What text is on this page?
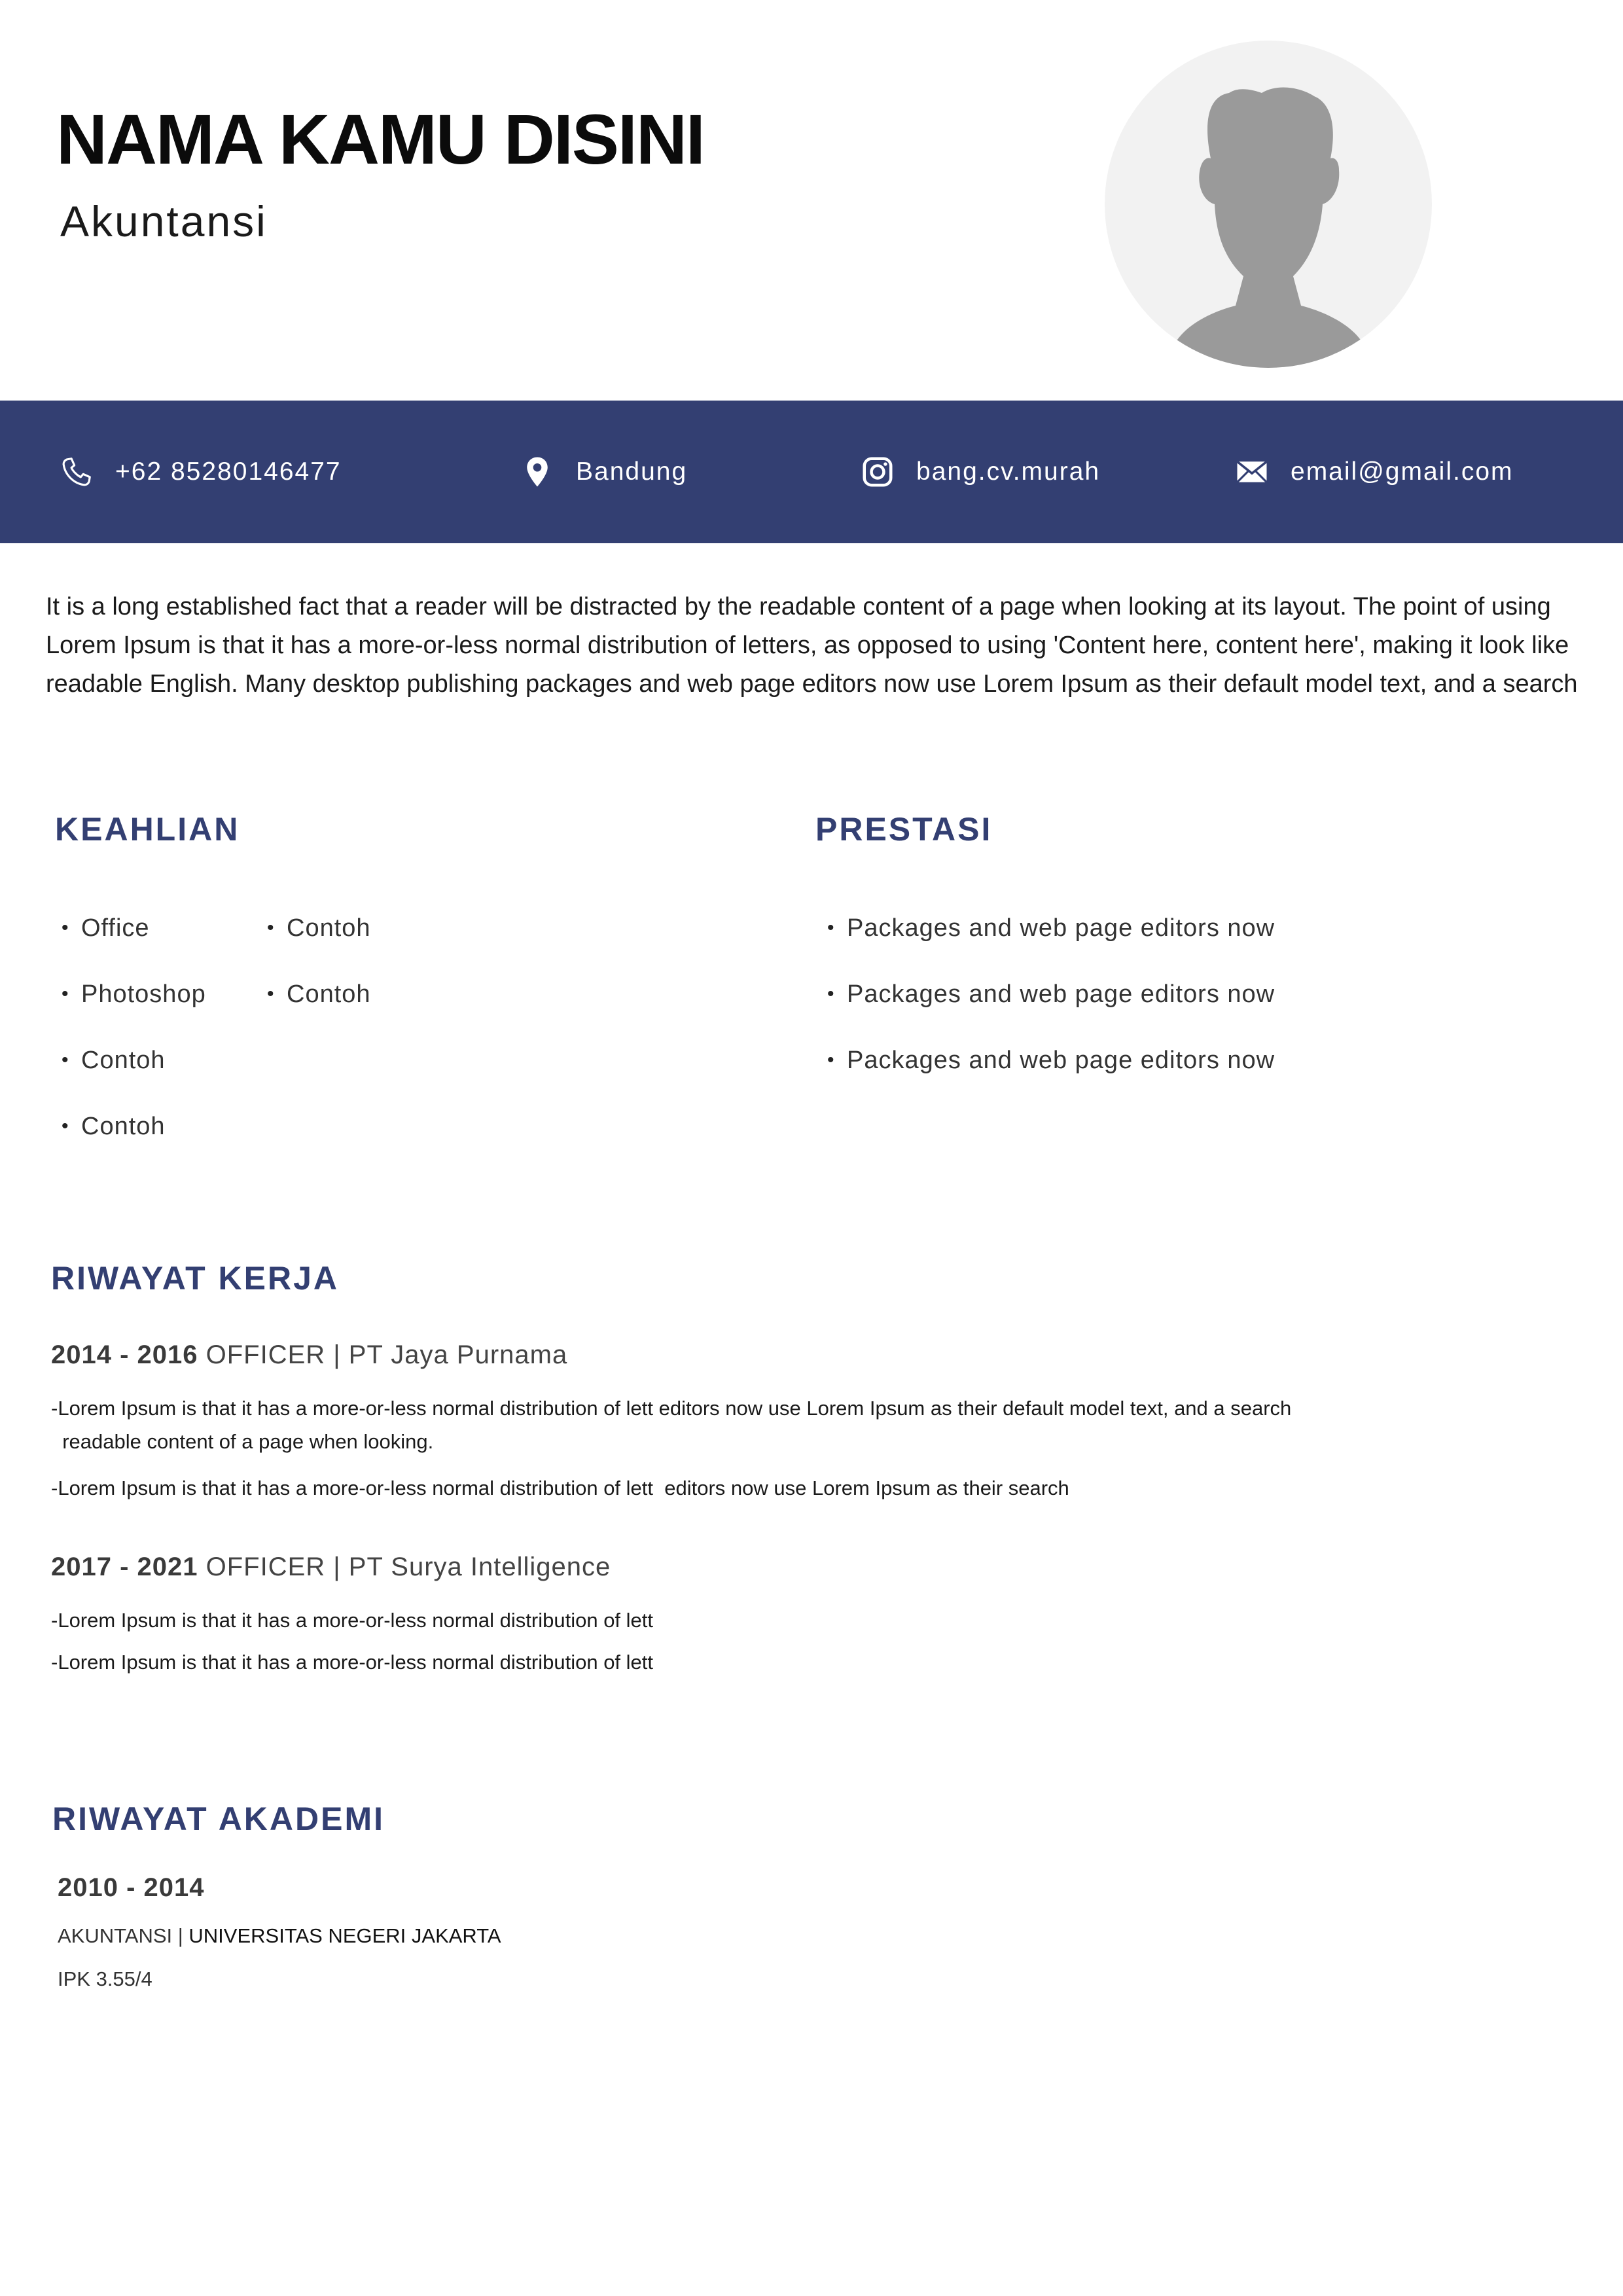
NAMA KAMU DISINI
Akuntansi
+62 85280146477	Bandung	bang.cv.murah	email@gmail.com
It is a long established fact that a reader will be distracted by the readable content of a page when looking at its layout. The point of using Lorem Ipsum is that it has a more-or-less normal distribution of letters, as opposed to using 'Content here, content here', making it look like readable English. Many desktop publishing packages and web page editors now use Lorem Ipsum as their default model text, and a search
KEAHLIAN
• Office
• Photoshop
• Contoh
• Contoh
• Contoh
• Contoh
PRESTASI
• Packages and web page editors now
• Packages and web page editors now
• Packages and web page editors now
RIWAYAT KERJA
2014 - 2016 OFFICER | PT Jaya Purnama
-Lorem Ipsum is that it has a more-or-less normal distribution of lett editors now use Lorem Ipsum as their default model text, and a search
readable content of a page when looking.
-Lorem Ipsum is that it has a more-or-less normal distribution of lett  editors now use Lorem Ipsum as their search
2017 - 2021 OFFICER | PT Surya Intelligence
-Lorem Ipsum is that it has a more-or-less normal distribution of lett
-Lorem Ipsum is that it has a more-or-less normal distribution of lett
RIWAYAT AKADEMI
2010 - 2014
AKUNTANSI | UNIVERSITAS NEGERI JAKARTA
IPK 3.55/4
